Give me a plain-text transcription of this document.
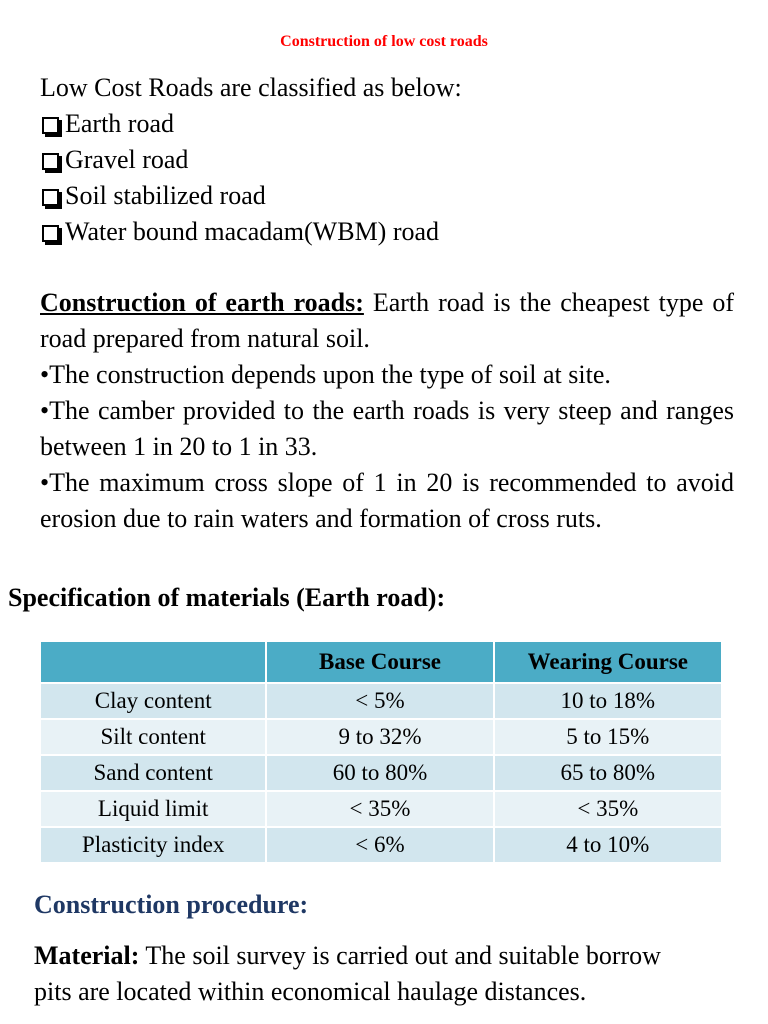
Construction of low cost roads
Low Cost Roads are classified as below:
Earth road
Gravel road
Soil stabilized road
Water bound macadam(WBM) road

Construction of earth roads: Earth road is the cheapest type of road prepared from natural soil.

•The construction depends upon the type of soil at site.

•The camber provided to the earth roads is very steep and ranges between 1 in 20 to 1 in 33.

•The maximum cross slope of 1 in 20 is recommended to avoid erosion due to rain waters and formation of cross ruts.

Specification of materials (Earth road):
	Base Course	Wearing Course
Clay content	< 5%	10 to 18%
Silt content	9 to 32%	5 to 15%
Sand content	60 to 80%	65 to 80%
Liquid limit	< 35%	< 35%
Plasticity index	< 6%	4 to 10%
Construction procedure:

Material: The soil survey is carried out and suitable borrow pits are located within economical haulage distances.
